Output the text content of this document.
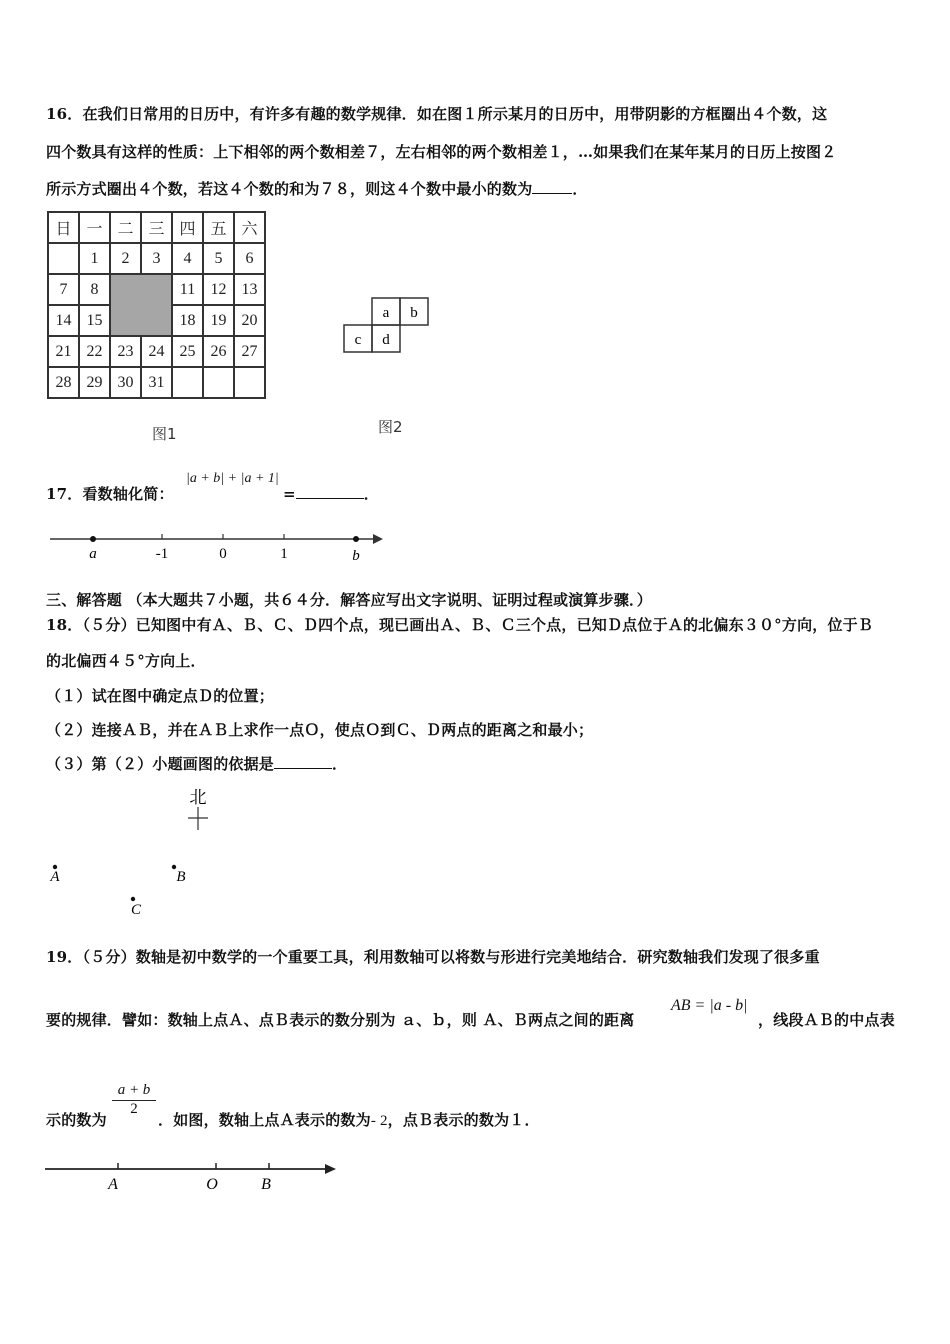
16．在我们日常用的日历中，有许多有趣的数学规律．如在图１所示某月的日历中，用带阴影的方框圈出４个数，这
四个数具有这样的性质：上下相邻的两个数相差７，左右相邻的两个数相差１，…如果我们在某年某月的日历上按图２
所示方式圈出４个数，若这４个数的和为７８，则这４个数中最小的数为	．
日	一	二	三	四	五	六
	1	2	3	4	5	6
7	8			11	12	13
14	15			18	19	20
21	22	23	24	25	26	27
28	29	30	31			
图1
a b
c d
图2
17．看数轴化简：
|a + b| + |a + 1|
=	．
a	-1	0	1	b
三、解答题 （本大题共７小题，共６４分．解答应写出文字说明、证明过程或演算步骤．）
18．（５分）已知图中有Ａ、Ｂ、Ｃ、Ｄ四个点，现已画出Ａ、Ｂ、Ｃ三个点，已知Ｄ点位于Ａ的北偏东３０°方向，位于Ｂ
的北偏西４５°方向上．
（１）试在图中确定点Ｄ的位置；
（２）连接ＡＢ，并在ＡＢ上求作一点Ｏ，使点Ｏ到Ｃ、Ｄ两点的距离之和最小；
（３）第（２）小题画图的依据是	．
北
A	B
C
19．（５分）数轴是初中数学的一个重要工具，利用数轴可以将数与形进行完美地结合．研究数轴我们发现了很多重
要的规律．譬如：数轴上点Ａ、点Ｂ表示的数分别为 ａ、ｂ，则 Ａ、Ｂ两点之间的距离
AB = |a - b|
，线段ＡＢ的中点表
示的数为
$\frac{a + b}{2}$
．如图，数轴上点Ａ表示的数为- 2，点Ｂ表示的数为１．
A	O	B
